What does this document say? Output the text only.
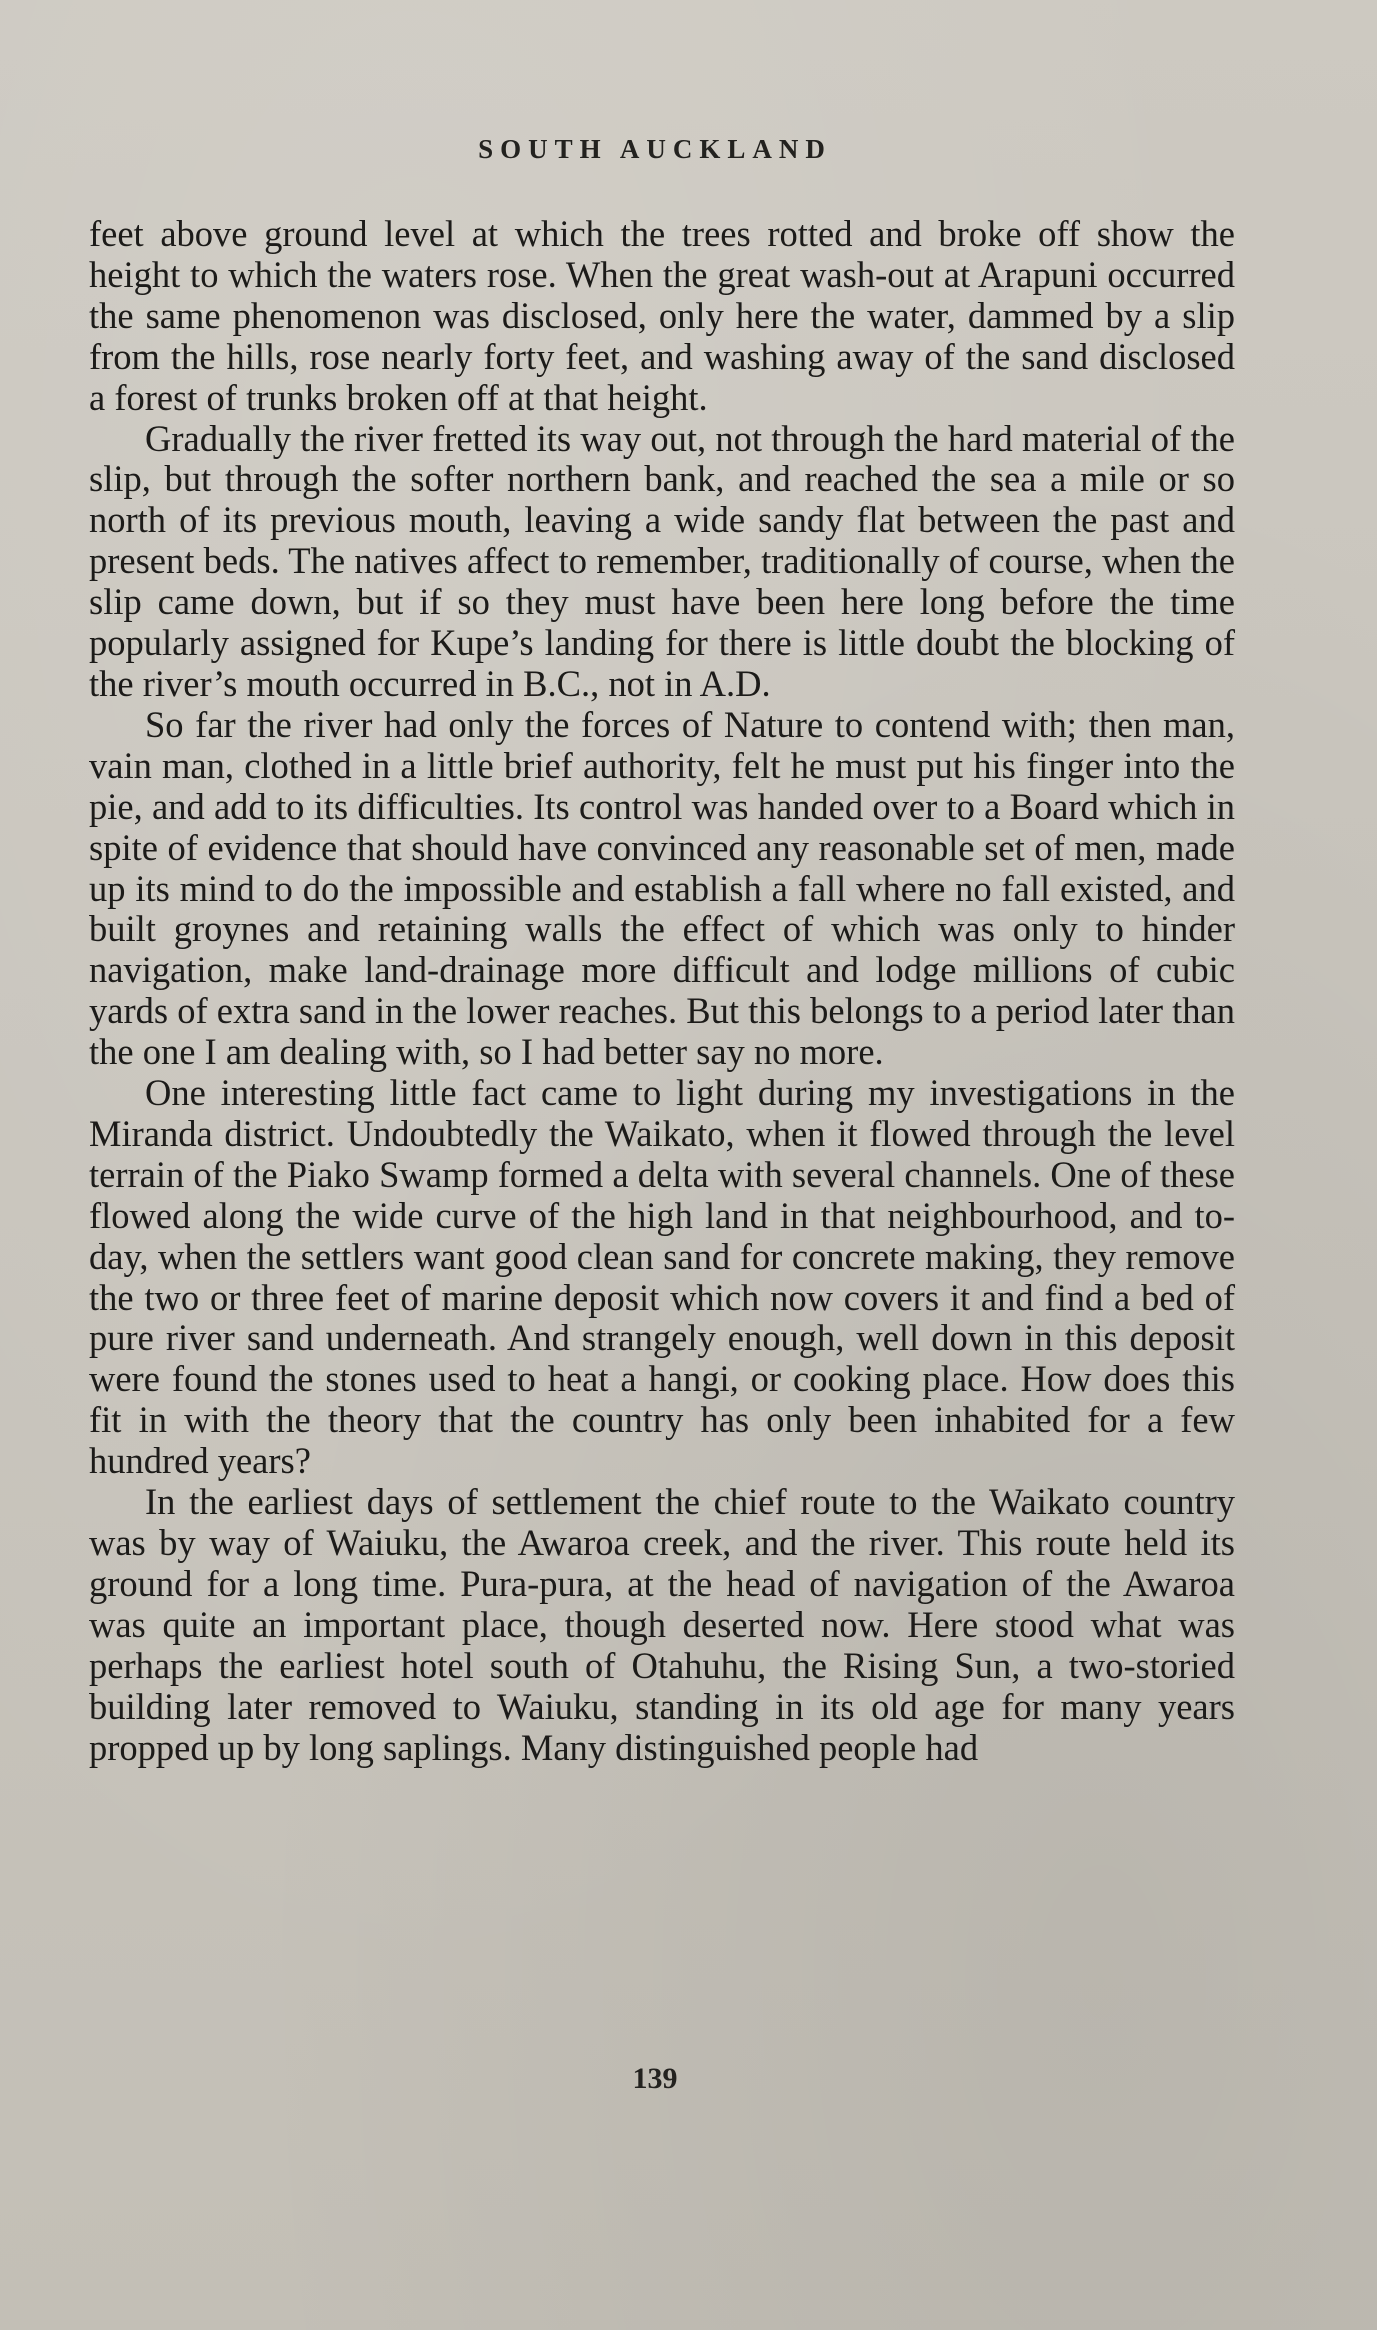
SOUTH AUCKLAND

feet above ground level at which the trees rotted and broke off show the height to which the waters rose. When the great wash-out at Arapuni occurred the same phenomenon was disclosed, only here the water, dammed by a slip from the hills, rose nearly forty feet, and washing away of the sand disclosed a forest of trunks broken off at that height.

Gradually the river fretted its way out, not through the hard material of the slip, but through the softer northern bank, and reached the sea a mile or so north of its previous mouth, leaving a wide sandy flat between the past and present beds. The natives affect to remember, traditionally of course, when the slip came down, but if so they must have been here long before the time popularly assigned for Kupe’s landing for there is little doubt the blocking of the river’s mouth occurred in B.C., not in A.D.

So far the river had only the forces of Nature to contend with; then man, vain man, clothed in a little brief authority, felt he must put his finger into the pie, and add to its difficulties. Its control was handed over to a Board which in spite of evidence that should have convinced any reasonable set of men, made up its mind to do the impossible and establish a fall where no fall existed, and built groynes and retaining walls the effect of which was only to hinder navigation, make land-drainage more difficult and lodge millions of cubic yards of extra sand in the lower reaches. But this belongs to a period later than the one I am dealing with, so I had better say no more.

One interesting little fact came to light during my investigations in the Miranda district. Undoubtedly the Waikato, when it flowed through the level terrain of the Piako Swamp formed a delta with several channels. One of these flowed along the wide curve of the high land in that neighbourhood, and to-day, when the settlers want good clean sand for concrete making, they remove the two or three feet of marine deposit which now covers it and find a bed of pure river sand underneath. And strangely enough, well down in this deposit were found the stones used to heat a hangi, or cooking place. How does this fit in with the theory that the country has only been inhabited for a few hundred years?

In the earliest days of settlement the chief route to the Waikato country was by way of Waiuku, the Awaroa creek, and the river. This route held its ground for a long time. Pura-pura, at the head of navigation of the Awaroa was quite an important place, though deserted now. Here stood what was perhaps the earliest hotel south of Otahuhu, the Rising Sun, a two-storied building later removed to Waiuku, standing in its old age for many years propped up by long saplings. Many distinguished people had

139
